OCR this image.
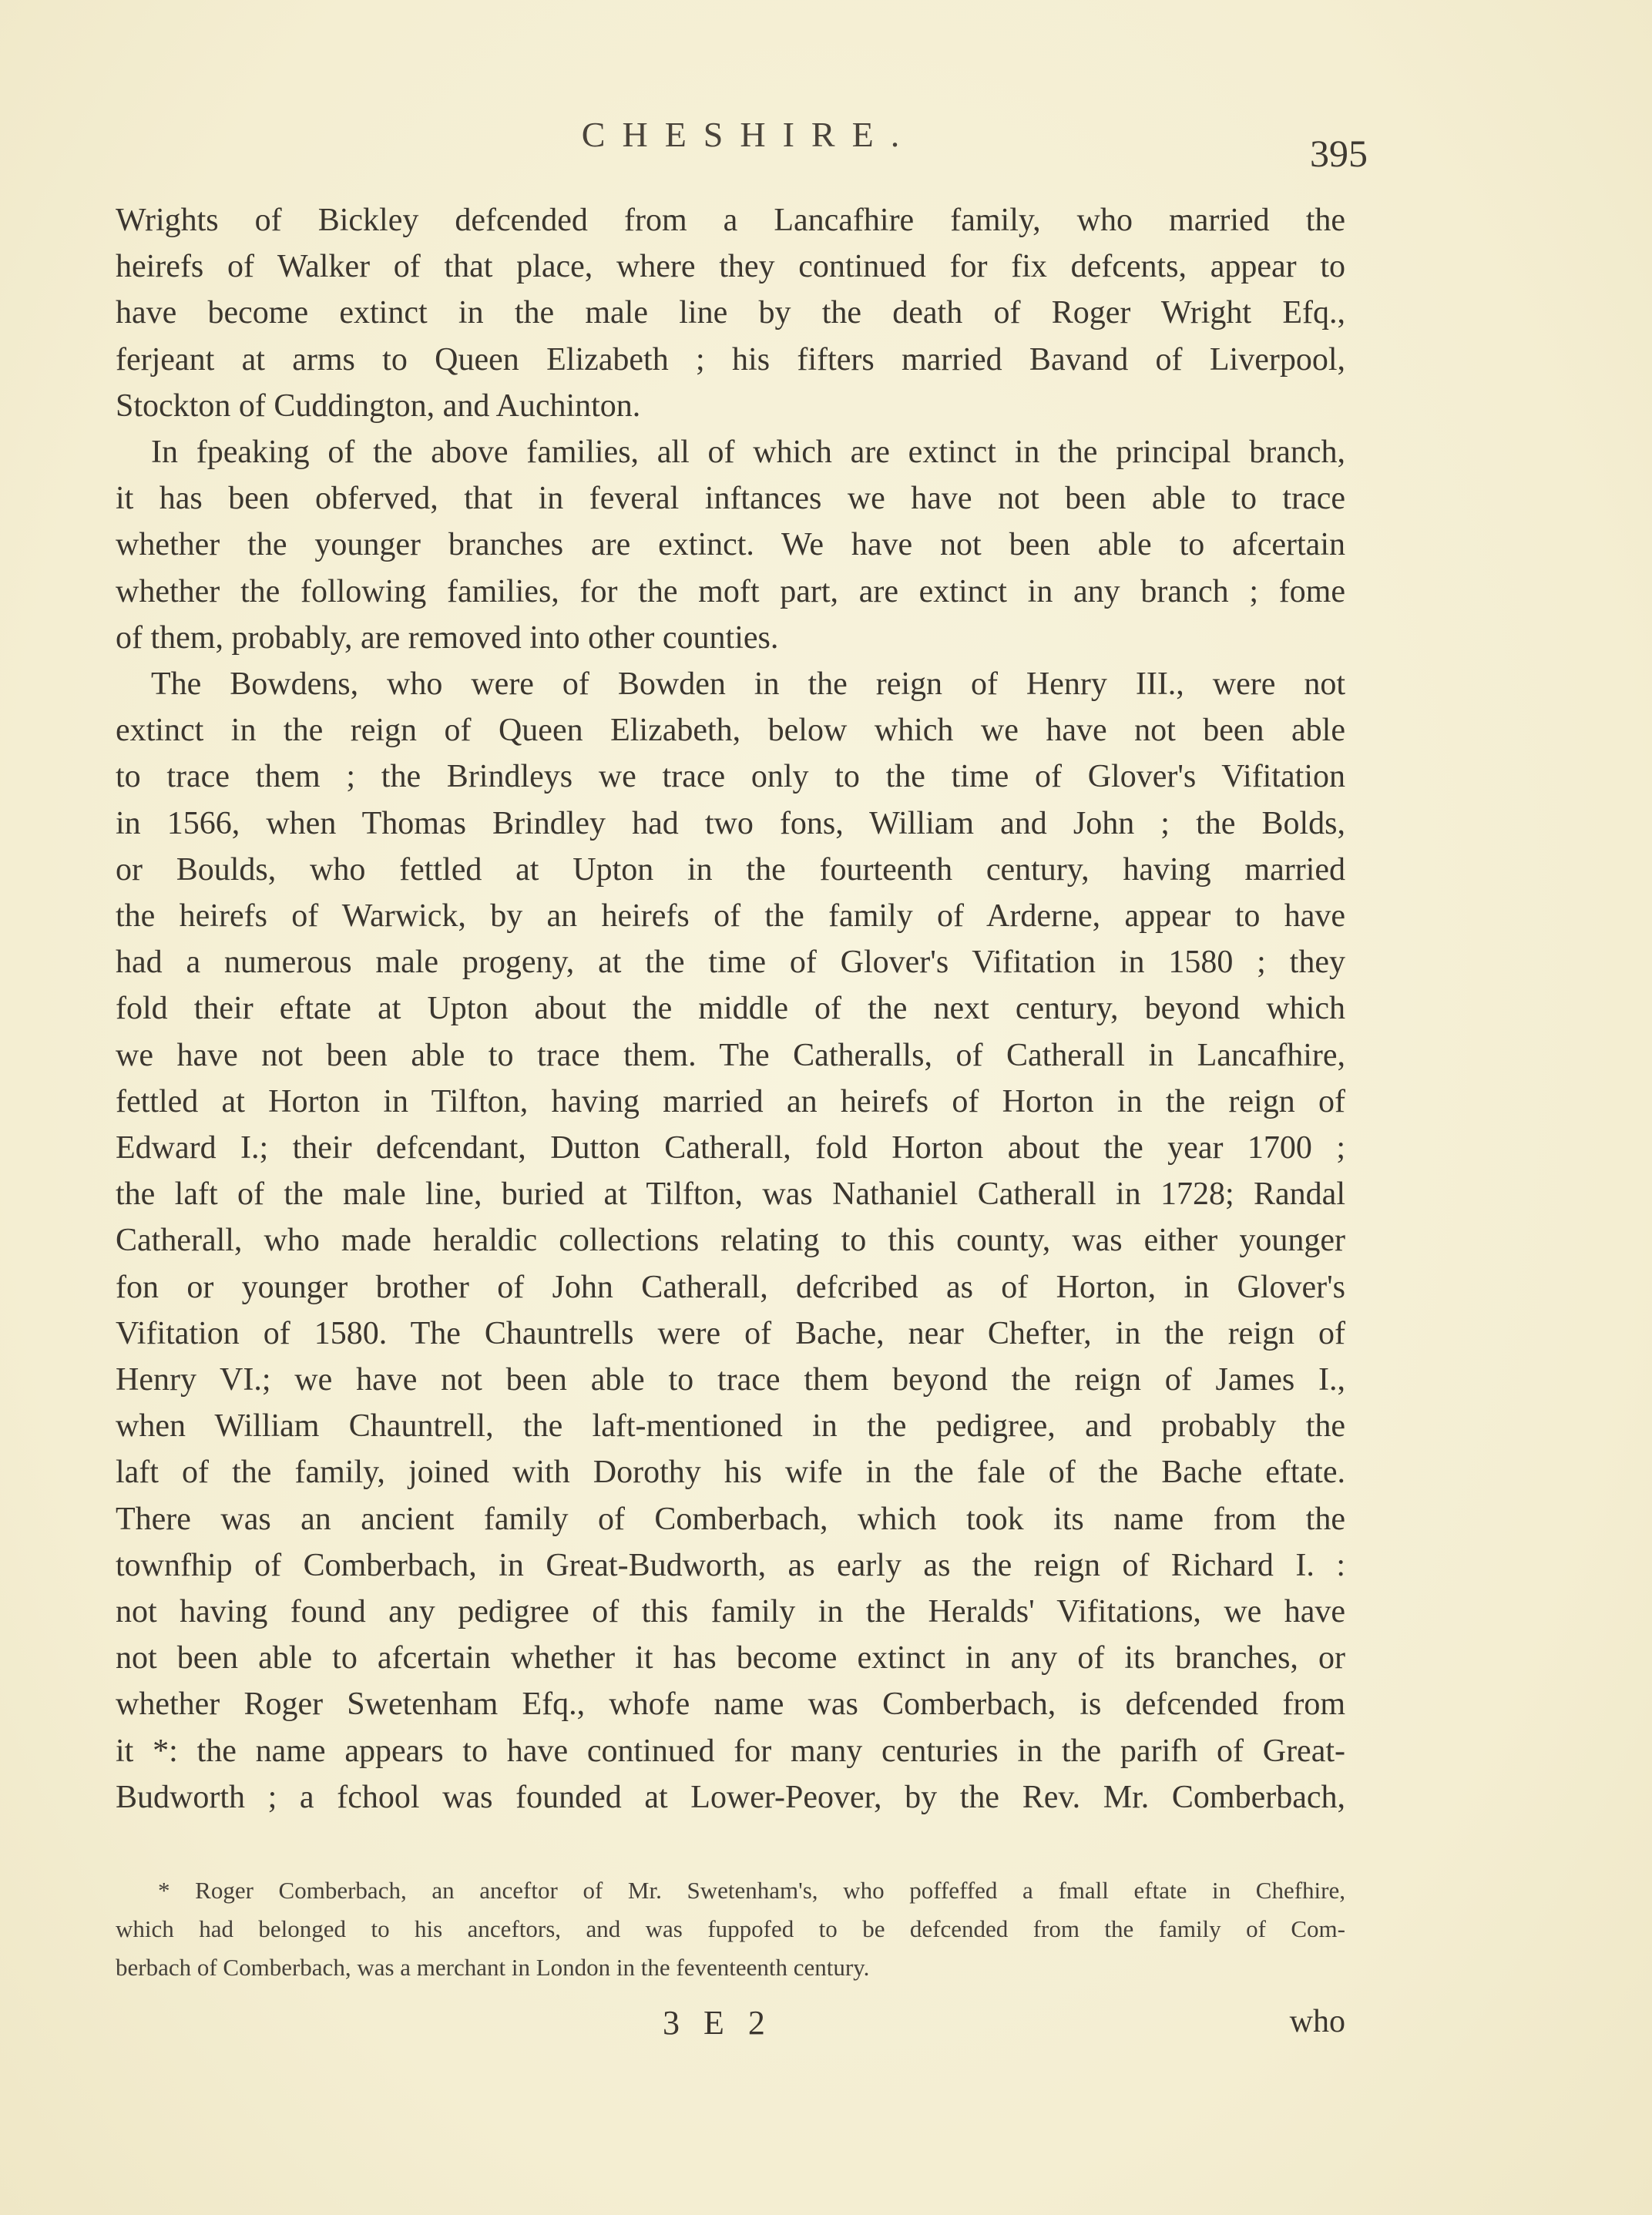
CHESHIRE.	395
Wrights of Bickley defcended from a Lancafhire family, who married the
heirefs of Walker of that place, where they continued for fix defcents, appear to
have become extinct in the male line by the death of Roger Wright Efq.,
ferjeant at arms to Queen Elizabeth ; his fifters married Bavand of Liverpool,
Stockton of Cuddington, and Auchinton.
In fpeaking of the above families, all of which are extinct in the principal branch,
it has been obferved, that in feveral inftances we have not been able to trace
whether the younger branches are extinct. We have not been able to afcertain
whether the following families, for the moft part, are extinct in any branch ; fome
of them, probably, are removed into other counties.
The Bowdens, who were of Bowden in the reign of Henry III., were not
extinct in the reign of Queen Elizabeth, below which we have not been able
to trace them ; the Brindleys we trace only to the time of Glover's Vifitation
in 1566, when Thomas Brindley had two fons, William and John ; the Bolds,
or Boulds, who fettled at Upton in the fourteenth century, having married
the heirefs of Warwick, by an heirefs of the family of Arderne, appear to have
had a numerous male progeny, at the time of Glover's Vifitation in 1580 ; they
fold their eftate at Upton about the middle of the next century, beyond which
we have not been able to trace them. The Catheralls, of Catherall in Lancafhire,
fettled at Horton in Tilfton, having married an heirefs of Horton in the reign of
Edward I.; their defcendant, Dutton Catherall, fold Horton about the year 1700 ;
the laft of the male line, buried at Tilfton, was Nathaniel Catherall in 1728; Randal
Catherall, who made heraldic collections relating to this county, was either younger
fon or younger brother of John Catherall, defcribed as of Horton, in Glover's
Vifitation of 1580. The Chauntrells were of Bache, near Chefter, in the reign of
Henry VI.; we have not been able to trace them beyond the reign of James I.,
when William Chauntrell, the laft-mentioned in the pedigree, and probably the
laft of the family, joined with Dorothy his wife in the fale of the Bache eftate.
There was an ancient family of Comberbach, which took its name from the
townfhip of Comberbach, in Great-Budworth, as early as the reign of Richard I. :
not having found any pedigree of this family in the Heralds' Vifitations, we have
not been able to afcertain whether it has become extinct in any of its branches, or
whether Roger Swetenham Efq., whofe name was Comberbach, is defcended from
it *: the name appears to have continued for many centuries in the parifh of Great-
Budworth ; a fchool was founded at Lower-Peover, by the Rev. Mr. Comberbach,
* Roger Comberbach, an anceftor of Mr. Swetenham's, who poffeffed a fmall eftate in Chefhire,
which had belonged to his anceftors, and was fuppofed to be defcended from the family of Com-
berbach of Comberbach, was a merchant in London in the feventeenth century.
3 E 2	who
